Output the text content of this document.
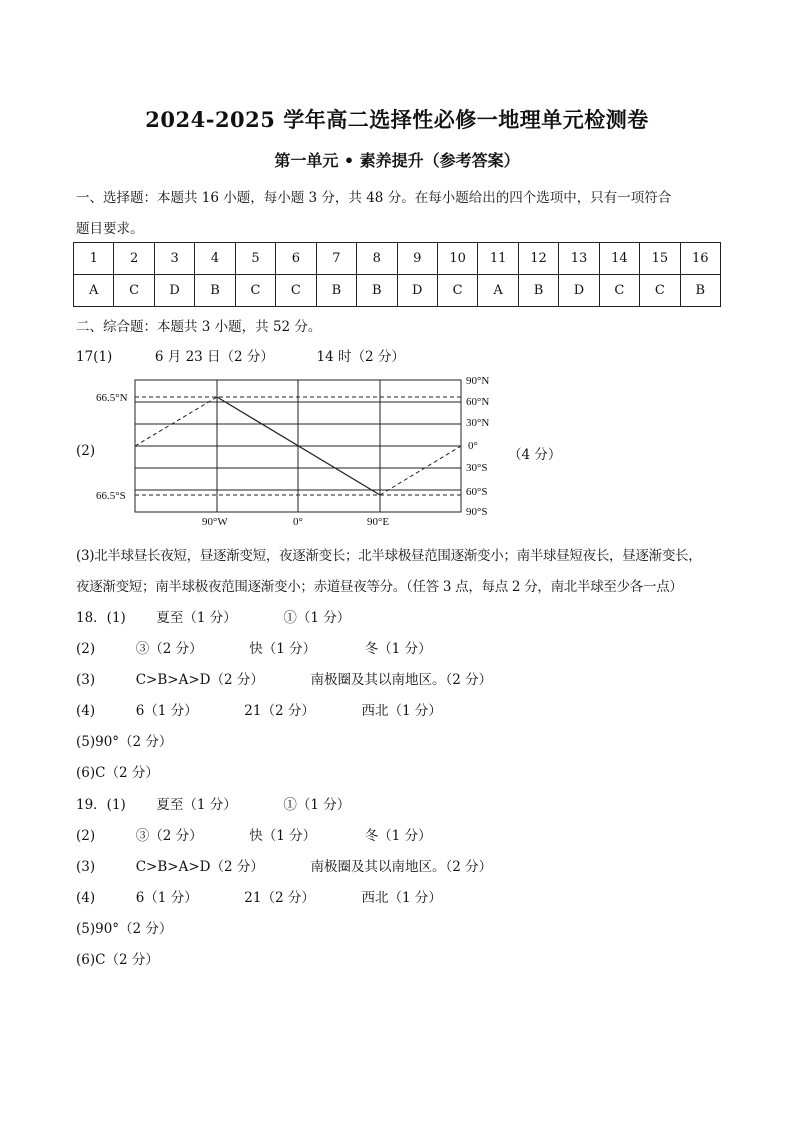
2024-2025 学年高二选择性必修一地理单元检测卷
第一单元 • 素养提升（参考答案）
一、选择题：本题共 16 小题，每小题 3 分，共 48 分。在每小题给出的四个选项中，只有一项符合
题目要求。
1	2	3	4	5	6	7	8	9	10	11	12	13	14	15	16
A	C	D	B	C	C	B	B	D	C	A	B	D	C	C	B
二、综合题：本题共 3 小题，共 52 分。
17(1)	6 月 23 日（2 分）	14 时（2 分）
(2)	（4 分）
66.5°N
66.5°S
90°N
60°N
30°N
0°
30°S
60°S
90°S
90°W	0°	90°E
(3)北半球昼长夜短，昼逐渐变短，夜逐渐变长；北半球极昼范围逐渐变小；南半球昼短夜长，昼逐渐变长，
夜逐渐变短；南半球极夜范围逐渐变小；赤道昼夜等分。（任答 3 点，每点 2 分，南北半球至少各一点）
18．(1) 夏至（1 分）	①（1 分）
(2)	③（2 分）	快（1 分）	冬（1 分）
(3)	C>B>A>D（2 分）	南极圈及其以南地区。（2 分）
(4)	6（1 分）	21（2 分）	西北（1 分）
(5)90°（2 分）
(6)C（2 分）
19．(1) 夏至（1 分）	①（1 分）
(2)	③（2 分）	快（1 分）	冬（1 分）
(3)	C>B>A>D（2 分）	南极圈及其以南地区。（2 分）
(4)	6（1 分）	21（2 分）	西北（1 分）
(5)90°（2 分）
(6)C（2 分）
